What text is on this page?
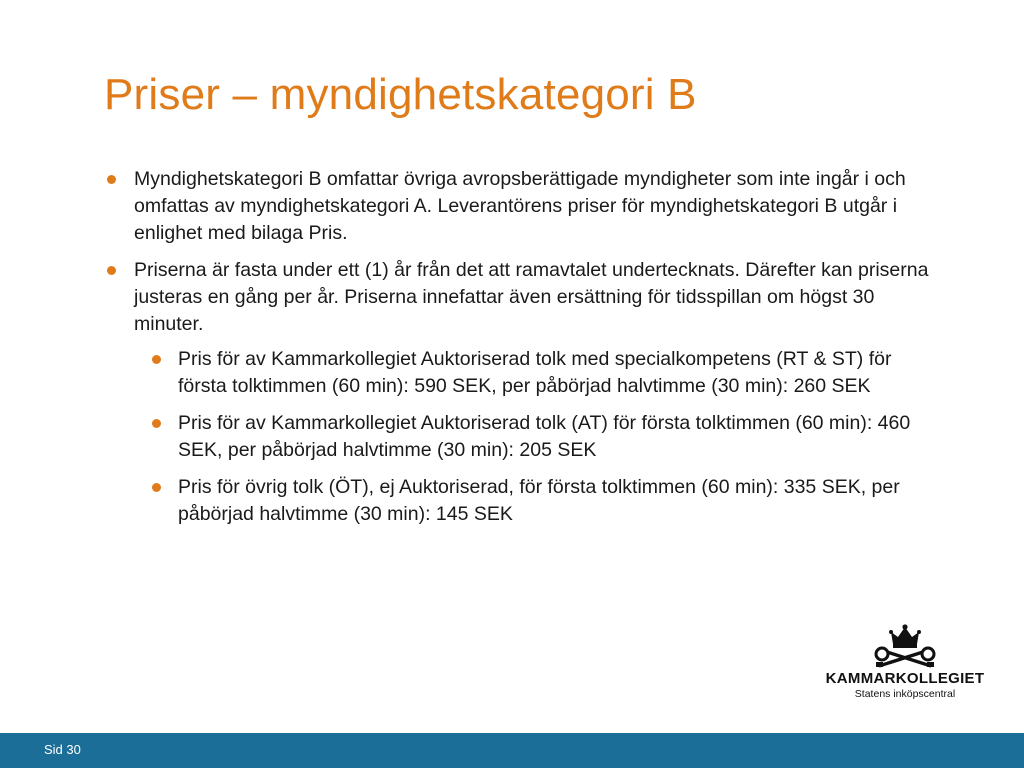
Priser – myndighetskategori B
Myndighetskategori B omfattar övriga avropsberättigade myndigheter som inte ingår i och omfattas av myndighetskategori A. Leverantörens priser för myndighetskategori B utgår i enlighet med bilaga Pris.
Priserna är fasta under ett (1) år från det att ramavtalet undertecknats. Därefter kan priserna justeras en gång per år. Priserna innefattar även ersättning för tidsspillan om högst 30 minuter.
Pris för av Kammarkollegiet Auktoriserad tolk med specialkompetens (RT & ST) för första tolktimmen (60 min): 590 SEK, per påbörjad halvtimme (30 min): 260 SEK
Pris för av Kammarkollegiet Auktoriserad tolk (AT) för första tolktimmen (60 min): 460 SEK, per påbörjad halvtimme (30 min): 205 SEK
Pris för övrig tolk (ÖT), ej Auktoriserad, för första tolktimmen (60 min): 335 SEK, per påbörjad halvtimme (30 min): 145 SEK
KAMMARKOLLEGIET
Statens inköpscentral
Sid 30
